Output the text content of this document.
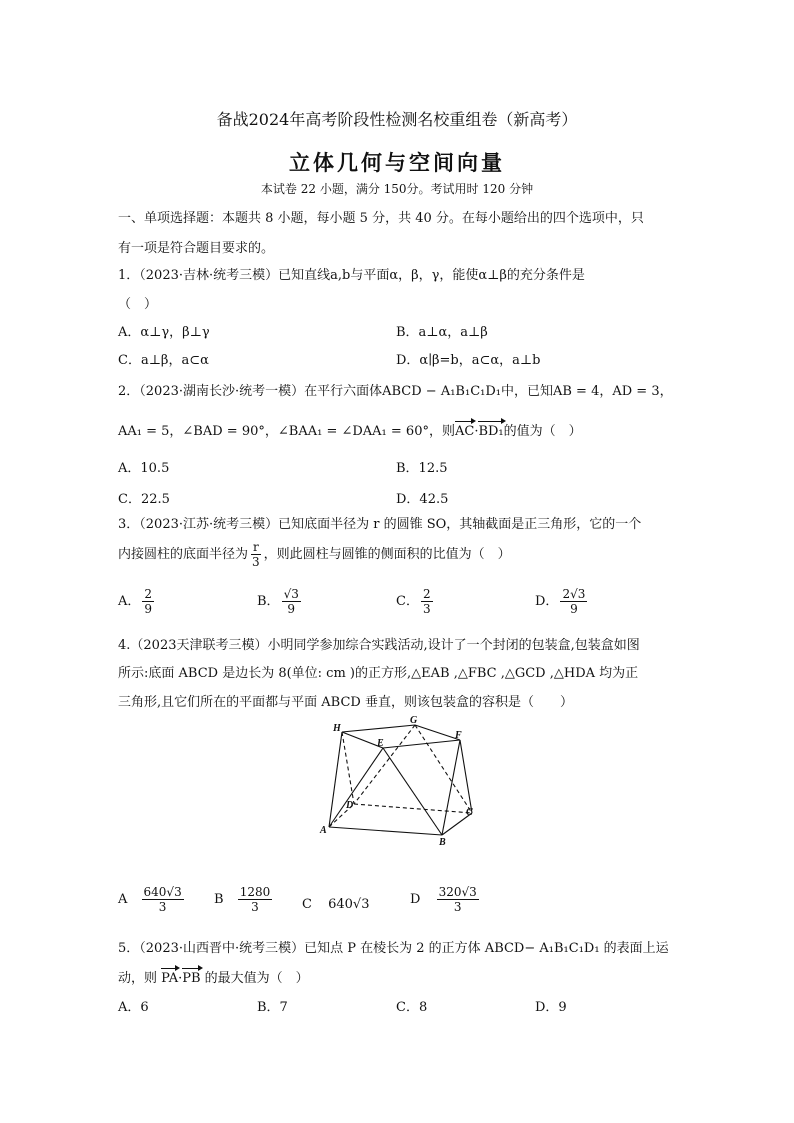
备战2024年高考阶段性检测名校重组卷（新高考）
立体几何与空间向量
本试卷 22 小题，满分 150分。考试用时 120 分钟
一、单项选择题：本题共 8 小题，每小题 5 分，共 40 分。在每小题给出的四个选项中，只
有一项是符合题目要求的。
1．（2023·吉林·统考三模）已知直线a,b与平面α，β，γ，能使α⊥β的充分条件是
（　）
A．α⊥γ，β⊥γ	B．a⊥α，a⊥β
C．a⊥β，a⊂α	D．α∣β=b，a⊂α，a⊥b
2．（2023·湖南长沙·统考一模）在平行六面体ABCD − A₁B₁C₁D₁中，已知AB = 4，AD = 3，
AA₁ = 5，∠BAD = 90°，∠BAA₁ = ∠DAA₁ = 60°，则AC·BD₁的值为（　）
A．10.5	B．12.5
C．22.5	D．42.5
3．（2023·江苏·统考三模）已知底面半径为 r 的圆锥 SO，其轴截面是正三角形，它的一个
内接圆柱的底面半径为 $\frac{r}{3}$ ，则此圆柱与圆锥的侧面积的比值为（　）
A． $\frac{2}{9}$	B． $\frac{√3}{9}$	C． $\frac{2}{3}$	D． $\frac{2√3}{9}$
4.（2023天津联考三模）小明同学参加综合实践活动,设计了一个封闭的包装盒,包装盒如图
所示:底面 ABCD 是边长为 8(单位: cm )的正方形,△EAB ,△FBC ,△GCD ,△HDA 均为正
三角形,且它们所在的平面都与平面 ABCD 垂直，则该包装盒的容积是（　　）
H
G
E
F
D
C
A
B
A $\frac{640√3}{3}$ B $\frac{1280}{3}$ C 640√3	D $\frac{320√3}{3}$
5．（2023·山西晋中·统考三模）已知点 P 在棱长为 2 的正方体 ABCD− A₁B₁C₁D₁ 的表面上运
动，则 PA·PB 的最大值为（　）
A．6	B．7	C．8	D．9
